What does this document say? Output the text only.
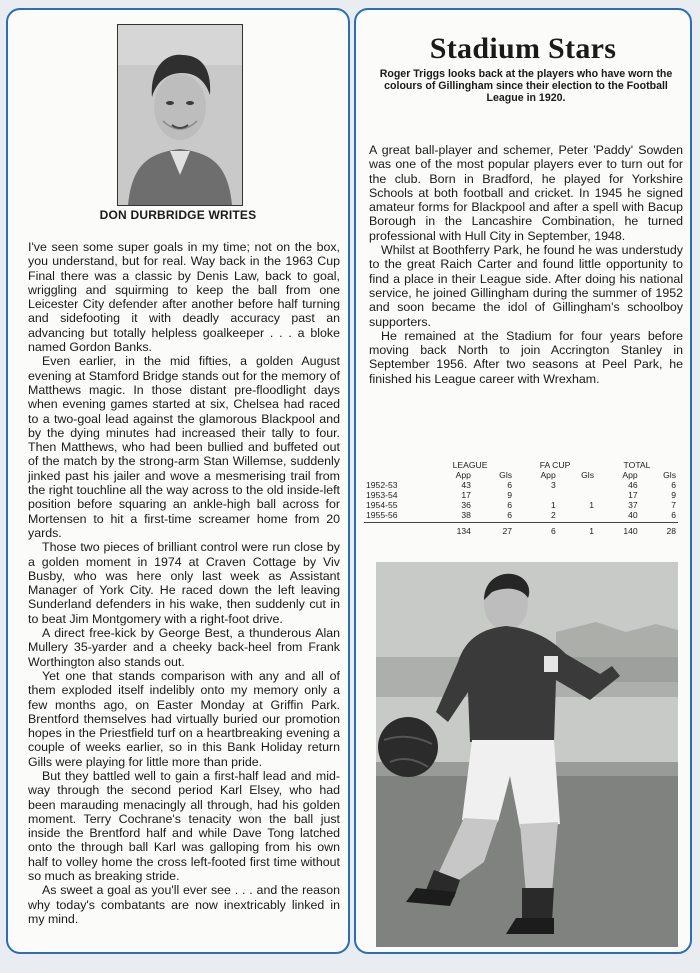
DON DURBRIDGE WRITES

I've seen some super goals in my time; not on the box, you understand, but for real. Way back in the 1963 Cup Final there was a classic by Denis Law, back to goal, wriggling and squirming to keep the ball from one Leicester City defender after another before half turning and sidefooting it with deadly accuracy past an advancing but totally helpless goalkeeper . . . a bloke named Gordon Banks.

Even earlier, in the mid fifties, a golden August evening at Stamford Bridge stands out for the memory of Matthews magic. In those distant pre-floodlight days when evening games started at six, Chelsea had raced to a two-goal lead against the glamorous Blackpool and by the dying minutes had increased their tally to four. Then Matthews, who had been bullied and buffeted out of the match by the strong-arm Stan Willemse, suddenly jinked past his jailer and wove a mesmerising trail from the right touchline all the way across to the old inside-left position before squaring an ankle-high ball across for Mortensen to hit a first-time screamer home from 20 yards.

Those two pieces of brilliant control were run close by a golden moment in 1974 at Craven Cottage by Viv Busby, who was here only last week as Assistant Manager of York City. He raced down the left leaving Sunderland defenders in his wake, then suddenly cut in to beat Jim Montgomery with a right-foot drive.

A direct free-kick by George Best, a thunderous Alan Mullery 35-yarder and a cheeky back-heel from Frank Worthington also stands out.

Yet one that stands comparison with any and all of them exploded itself indelibly onto my memory only a few months ago, on Easter Monday at Griffin Park. Brentford themselves had virtually buried our promotion hopes in the Priestfield turf on a heartbreaking evening a couple of weeks earlier, so in this Bank Holiday return Gills were playing for little more than pride.

But they battled well to gain a first-half lead and mid-way through the second period Karl Elsey, who had been marauding menacingly all through, had his golden moment. Terry Cochrane's tenacity won the ball just inside the Brentford half and while Dave Tong latched onto the through ball Karl was galloping from his own half to volley home the cross left-footed first time without so much as breaking stride.

As sweet a goal as you'll ever see . . . and the reason why today's combatants are now inextricably linked in my mind.

Stadium Stars
Roger Triggs looks back at the players who have worn the colours of Gillingham since their election to the Football League in 1920.

A great ball-player and schemer, Peter 'Paddy' Sowden was one of the most popular players ever to turn out for the club. Born in Bradford, he played for Yorkshire Schools at both football and cricket. In 1945 he signed amateur forms for Blackpool and after a spell with Bacup Borough in the Lancashire Combination, he turned professional with Hull City in September, 1948.

Whilst at Boothferry Park, he found he was understudy to the great Raich Carter and found little opportunity to find a place in their League side. After doing his national service, he joined Gillingham during the summer of 1952 and soon became the idol of Gillingham's schoolboy supporters.

He remained at the Stadium for four years before moving back North to join Accrington Stanley in September 1956. After two seasons at Peel Park, he finished his League career with Wrexham.

	LEAGUE		FA CUP		TOTAL	
	App	Gls	App	Gls	App	Gls
1952-53	43	6	3		46	6
1953-54	17	9			17	9
1954-55	36	6	1	1	37	7
1955-56	38	6	2		40	6
	134	27	6	1	140	28
